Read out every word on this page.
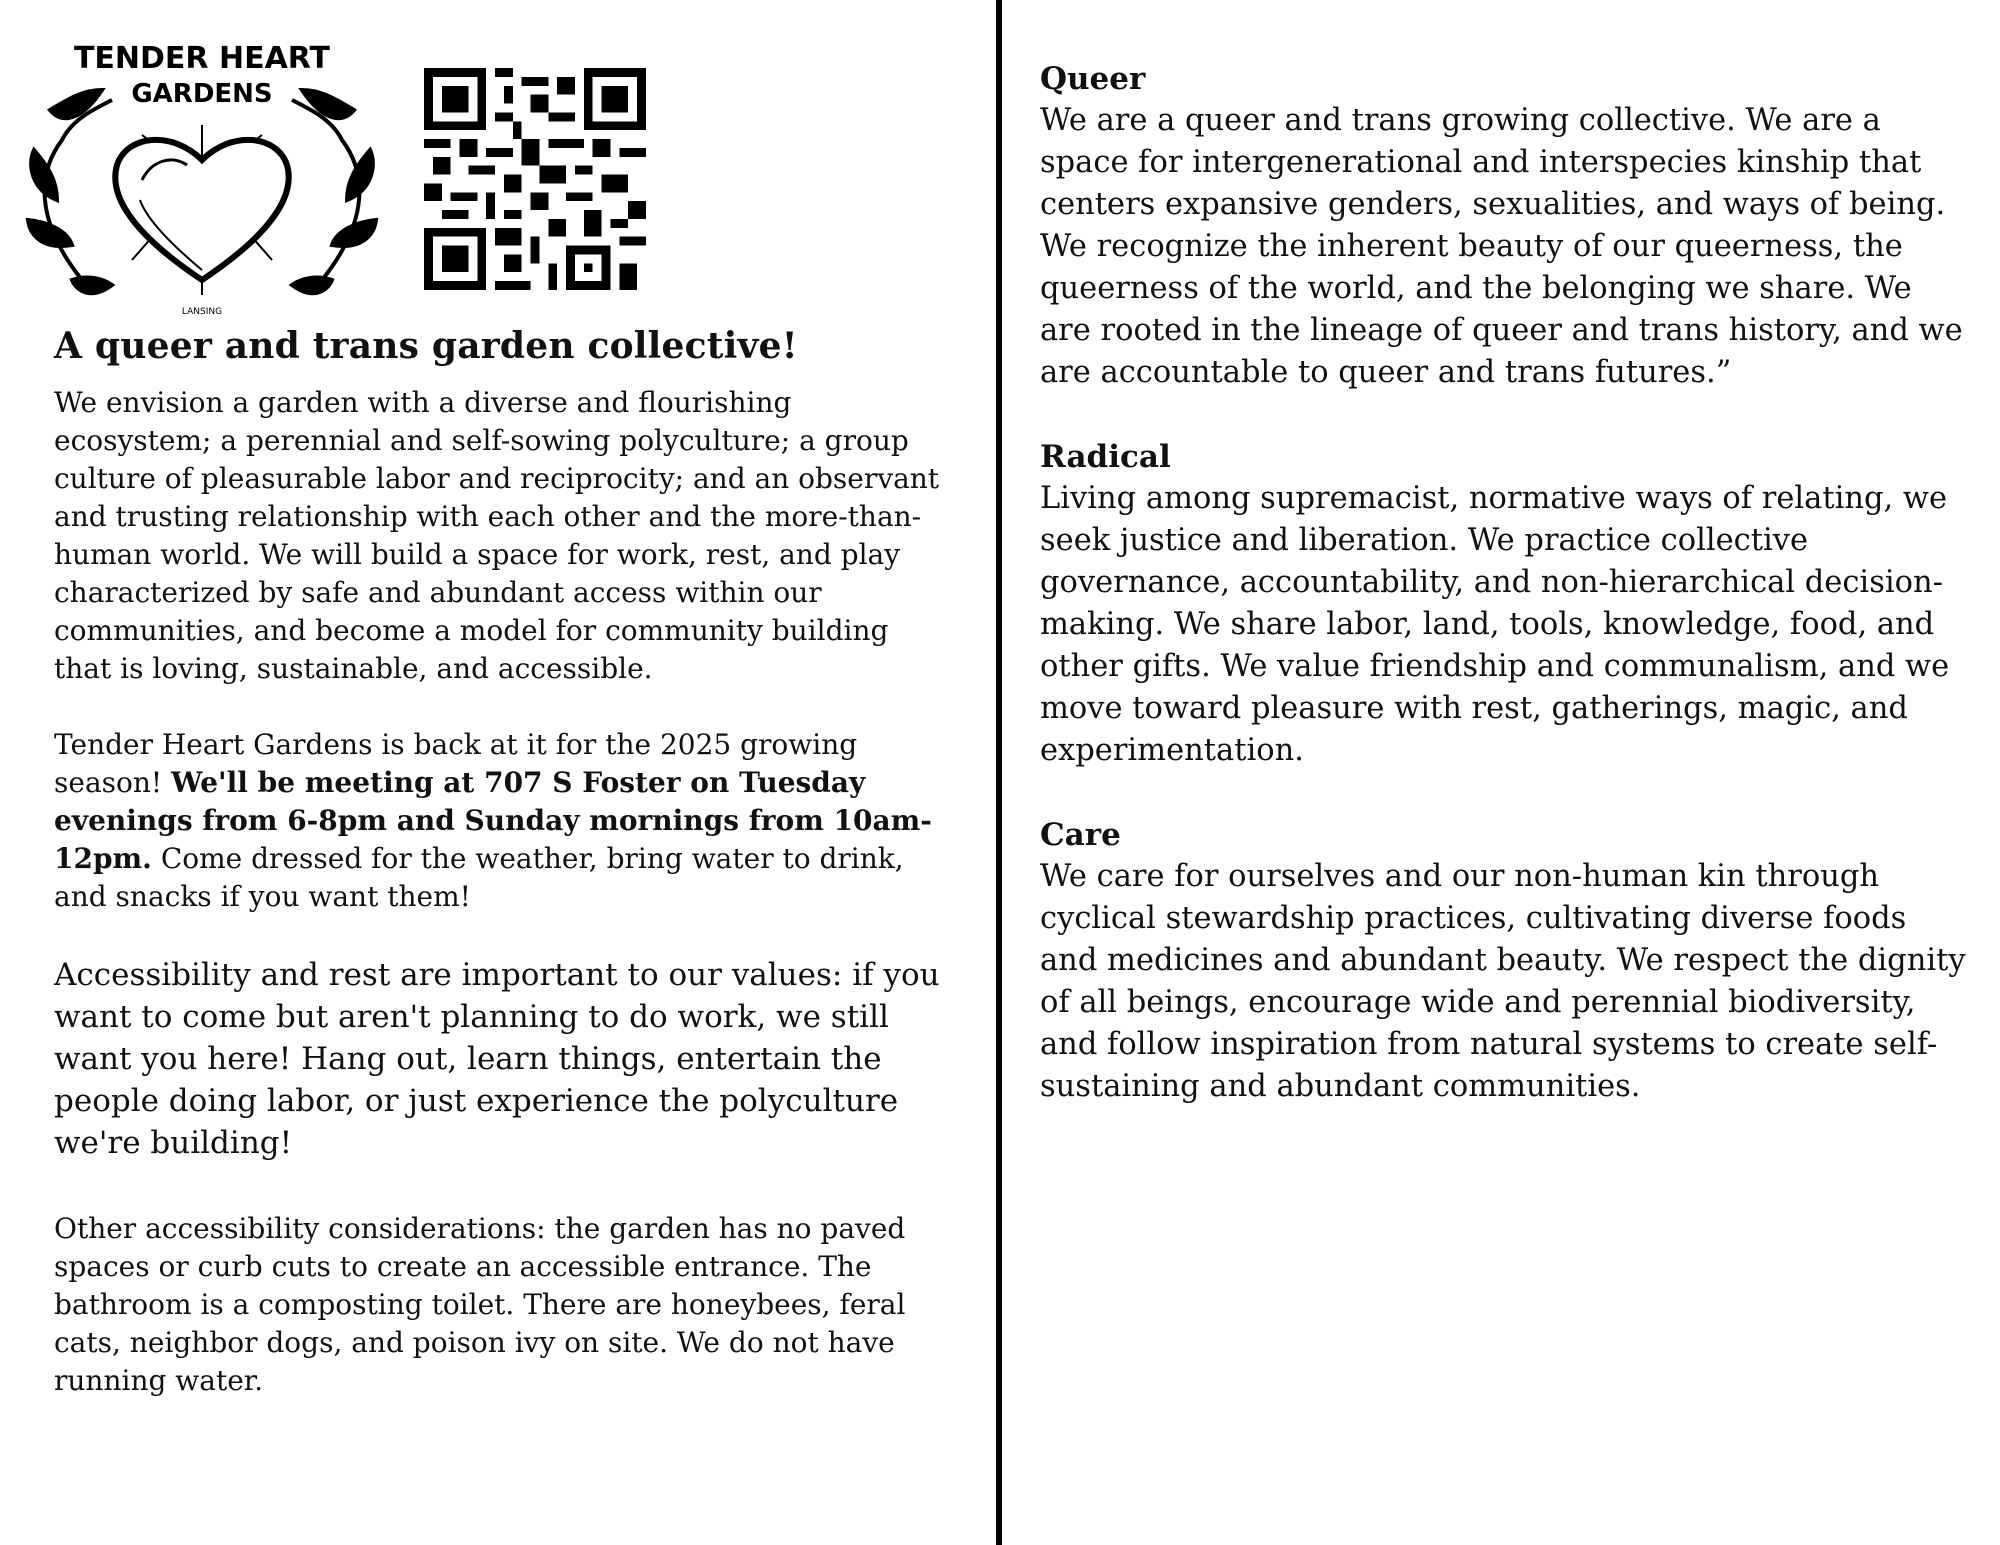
TENDER HEART
GARDENS
LANSING
A queer and trans garden collective!

We envision a garden with a diverse and flourishing ecosystem; a perennial and self-sowing polyculture; a group culture of pleasurable labor and reciprocity; and an observant and trusting relationship with each other and the more-than-human world. We will build a space for work, rest, and play characterized by safe and abundant access within our communities, and become a model for community building that is loving, sustainable, and accessible.

Tender Heart Gardens is back at it for the 2025 growing season! We'll be meeting at 707 S Foster on Tuesday evenings from 6-8pm and Sunday mornings from 10am-12pm. Come dressed for the weather, bring water to drink, and snacks if you want them!

Accessibility and rest are important to our values: if you want to come but aren't planning to do work, we still want you here! Hang out, learn things, entertain the people doing labor, or just experience the polyculture we're building!

Other accessibility considerations: the garden has no paved spaces or curb cuts to create an accessible entrance. The bathroom is a composting toilet. There are honeybees, feral cats, neighbor dogs, and poison ivy on site. We do not have running water.

Queer

We are a queer and trans growing collective. We are a space for intergenerational and interspecies kinship that centers expansive genders, sexualities, and ways of being. We recognize the inherent beauty of our queerness, the queerness of the world, and the belonging we share. We are rooted in the lineage of queer and trans history, and we are accountable to queer and trans futures.”

Radical

Living among supremacist, normative ways of relating, we seek justice and liberation. We practice collective governance, accountability, and non-hierarchical decision-making. We share labor, land, tools, knowledge, food, and other gifts. We value friendship and communalism, and we move toward pleasure with rest, gatherings, magic, and experimentation.

Care

We care for ourselves and our non-human kin through cyclical stewardship practices, cultivating diverse foods and medicines and abundant beauty. We respect the dignity of all beings, encourage wide and perennial biodiversity, and follow inspiration from natural systems to create self-sustaining and abundant communities.
